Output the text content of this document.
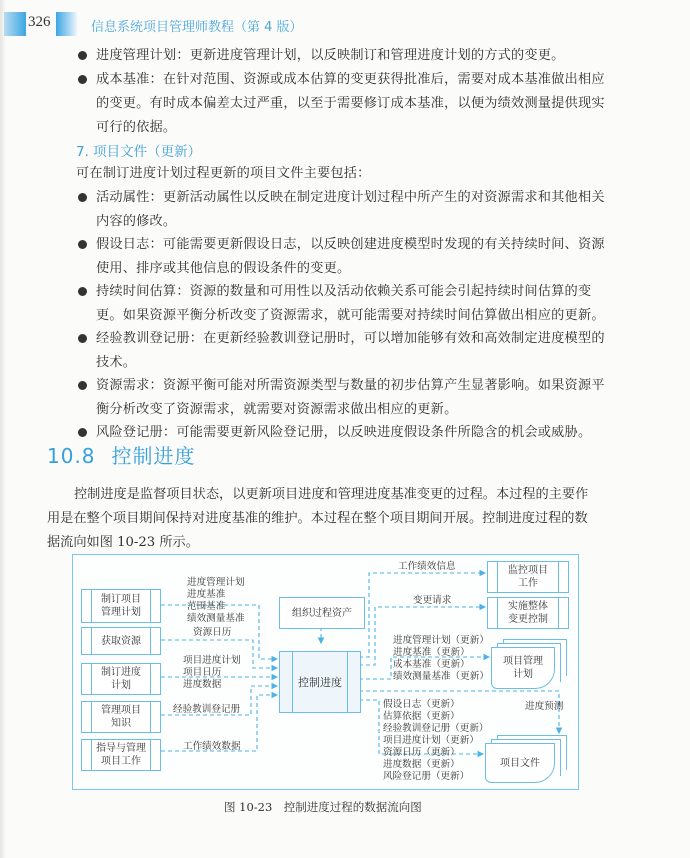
326	信息系统项目管理师教程（第 4 版）
进度管理计划：更新进度管理计划，以反映制订和管理进度计划的方式的变更。
成本基准：在针对范围、资源或成本估算的变更获得批准后，需要对成本基准做出相应
的变更。有时成本偏差太过严重，以至于需要修订成本基准，以便为绩效测量提供现实
可行的依据。
7. 项目文件（更新）
可在制订进度计划过程更新的项目文件主要包括：
活动属性：更新活动属性以反映在制定进度计划过程中所产生的对资源需求和其他相关
内容的修改。
假设日志：可能需要更新假设日志，以反映创建进度模型时发现的有关持续时间、资源
使用、排序或其他信息的假设条件的变更。
持续时间估算：资源的数量和可用性以及活动依赖关系可能会引起持续时间估算的变
更。如果资源平衡分析改变了资源需求，就可能需要对持续时间估算做出相应的更新。
经验教训登记册：在更新经验教训登记册时，可以增加能够有效和高效制定进度模型的
技术。
资源需求：资源平衡可能对所需资源类型与数量的初步估算产生显著影响。如果资源平
衡分析改变了资源需求，就需要对资源需求做出相应的更新。
风险登记册：可能需要更新风险登记册，以反映进度假设条件所隐含的机会或威胁。
10.8 控制进度
控制进度是监督项目状态，以更新项目进度和管理进度基准变更的过程。本过程的主要作
用是在整个项目期间保持对进度基准的维护。本过程在整个项目期间开展。控制进度过程的数
据流向如图 10-23 所示。
制订项目
管理计划
获取资源
制订进度
计划
管理项目
知识
指导与管理
项目工作
进度管理计划
进度基准
范围基准
绩效测量基准
资源日历
项目进度计划
项目日历
进度数据
经验教训登记册
工作绩效数据
组织过程资产
控制进度
工作绩效信息
变更请求
进度管理计划（更新）
进度基准（更新）
成本基准（更新）
绩效测量基准（更新）
假设日志（更新）
估算依据（更新）
经验教训登记册（更新）
项目进度计划（更新）
资源日历（更新）
进度数据（更新）
风险登记册（更新）
进度预测
监控项目
工作
实施整体
变更控制
项目管理
计划
项目文件
图 10-23　控制进度过程的数据流向图
